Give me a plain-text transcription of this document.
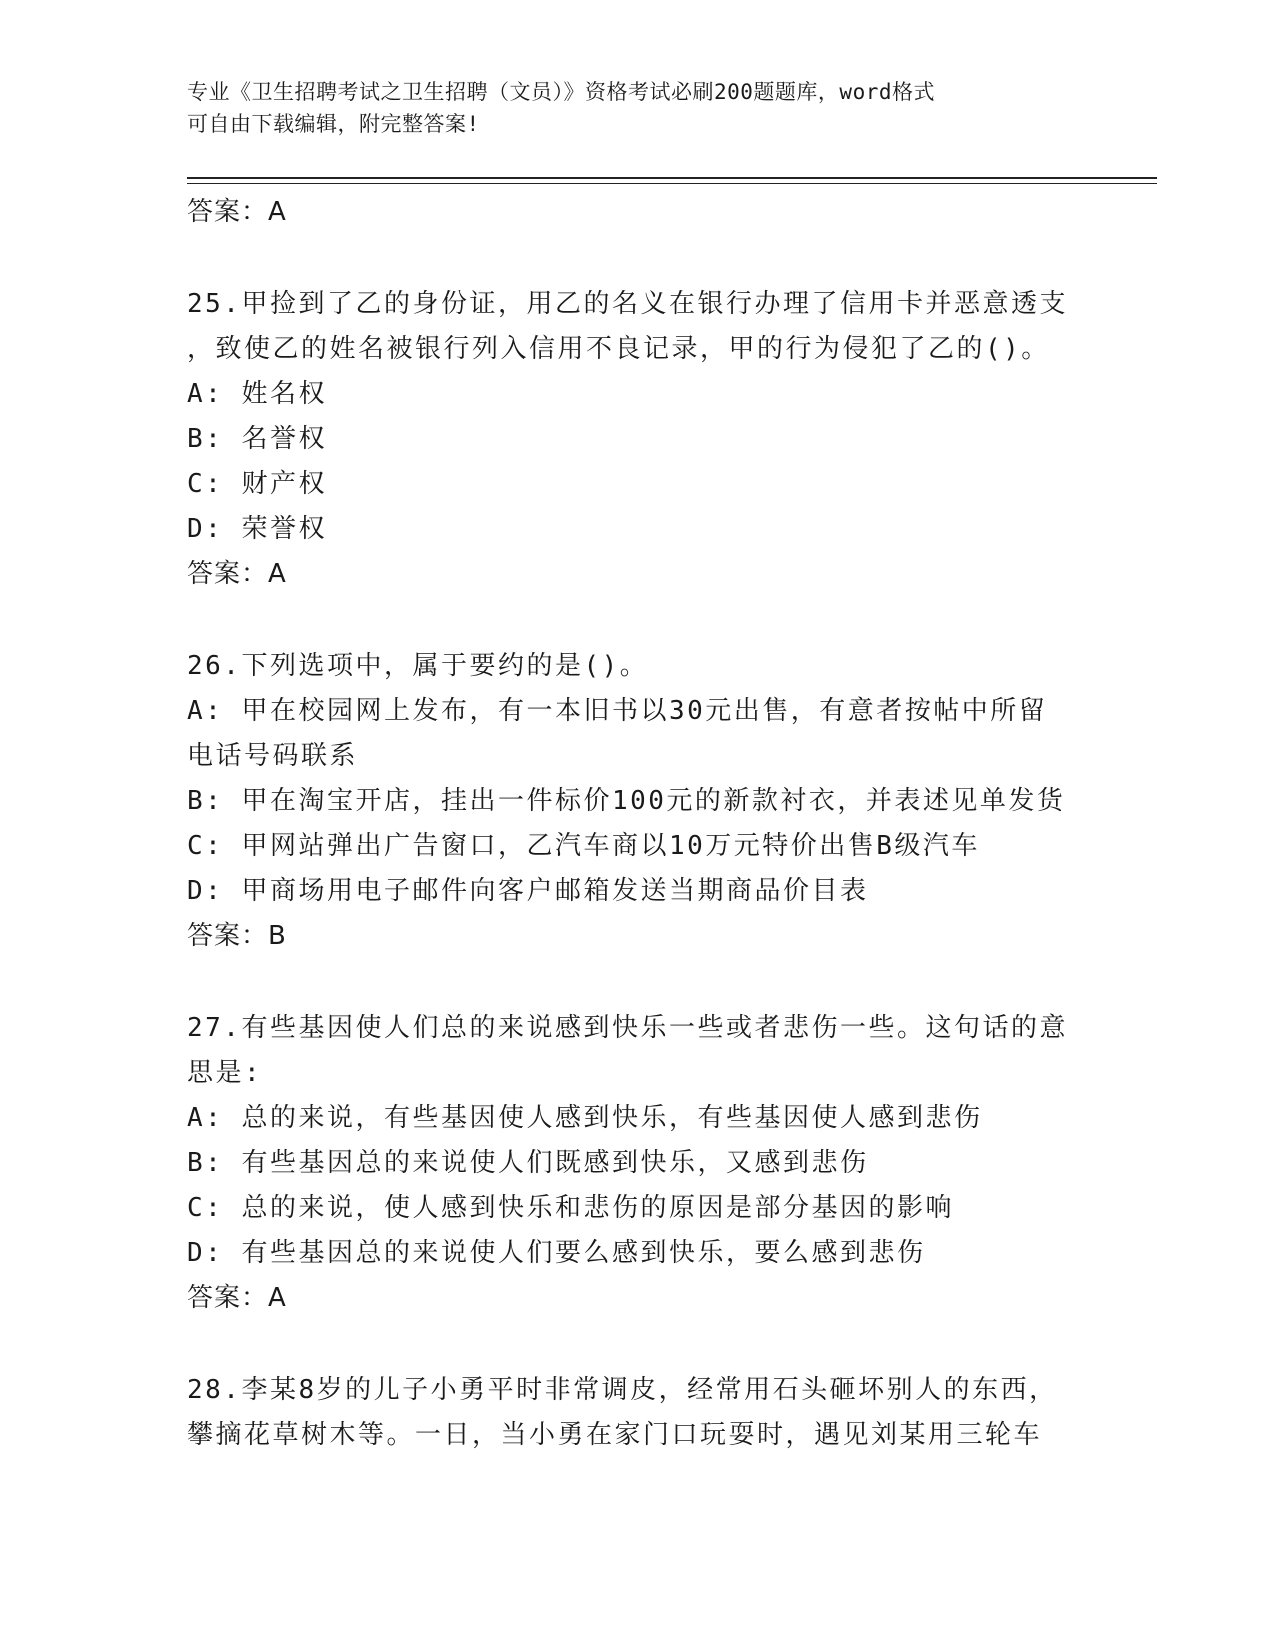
专业《卫生招聘考试之卫生招聘（文员）》资格考试必刷200题题库，word格式
可自由下载编辑，附完整答案!
答案：A
25.甲捡到了乙的身份证，用乙的名义在银行办理了信用卡并恶意透支
，致使乙的姓名被银行列入信用不良记录，甲的行为侵犯了乙的()。
A: 姓名权
B: 名誉权
C: 财产权
D: 荣誉权
答案：A
26.下列选项中，属于要约的是()。
A: 甲在校园网上发布，有一本旧书以30元出售，有意者按帖中所留
电话号码联系
B: 甲在淘宝开店，挂出一件标价100元的新款衬衣，并表述见单发货
C: 甲网站弹出广告窗口，乙汽车商以10万元特价出售B级汽车
D: 甲商场用电子邮件向客户邮箱发送当期商品价目表
答案：B
27.有些基因使人们总的来说感到快乐一些或者悲伤一些。这句话的意
思是:
A: 总的来说，有些基因使人感到快乐，有些基因使人感到悲伤
B: 有些基因总的来说使人们既感到快乐，又感到悲伤
C: 总的来说，使人感到快乐和悲伤的原因是部分基因的影响
D: 有些基因总的来说使人们要么感到快乐，要么感到悲伤
答案：A
28.李某8岁的儿子小勇平时非常调皮，经常用石头砸坏别人的东西，
攀摘花草树木等。一日，当小勇在家门口玩耍时，遇见刘某用三轮车
